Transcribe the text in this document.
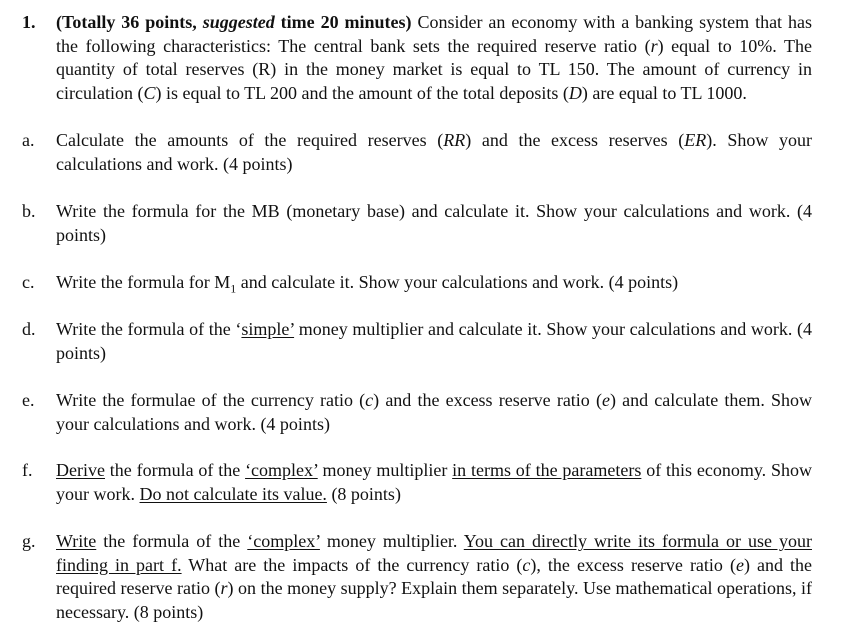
1.	(Totally 36 points, suggested time 20 minutes) Consider an economy with a banking system that has the following characteristics: The central bank sets the required reserve ratio (r) equal to 10%. The quantity of total reserves (R) in the money market is equal to TL 150. The amount of currency in circulation (C) is equal to TL 200 and the amount of the total deposits (D) are equal to TL 1000.
a.	Calculate the amounts of the required reserves (RR) and the excess reserves (ER). Show your calculations and work. (4 points)
b.	Write the formula for the MB (monetary base) and calculate it. Show your calculations and work. (4 points)
c.	Write the formula for $M_1$ and calculate it. Show your calculations and work. (4 points)
d.	Write the formula of the ‘simple’ money multiplier and calculate it. Show your calculations and work. (4 points)
e.	Write the formulae of the currency ratio (c) and the excess reserve ratio (e) and calculate them. Show your calculations and work. (4 points)
f.	Derive the formula of the ‘complex’ money multiplier in terms of the parameters of this economy. Show your work. Do not calculate its value. (8 points)
g.	Write the formula of the ‘complex’ money multiplier. You can directly write its formula or use your finding in part f. What are the impacts of the currency ratio (c), the excess reserve ratio (e) and the required reserve ratio (r) on the money supply? Explain them separately. Use mathematical operations, if necessary. (8 points)
